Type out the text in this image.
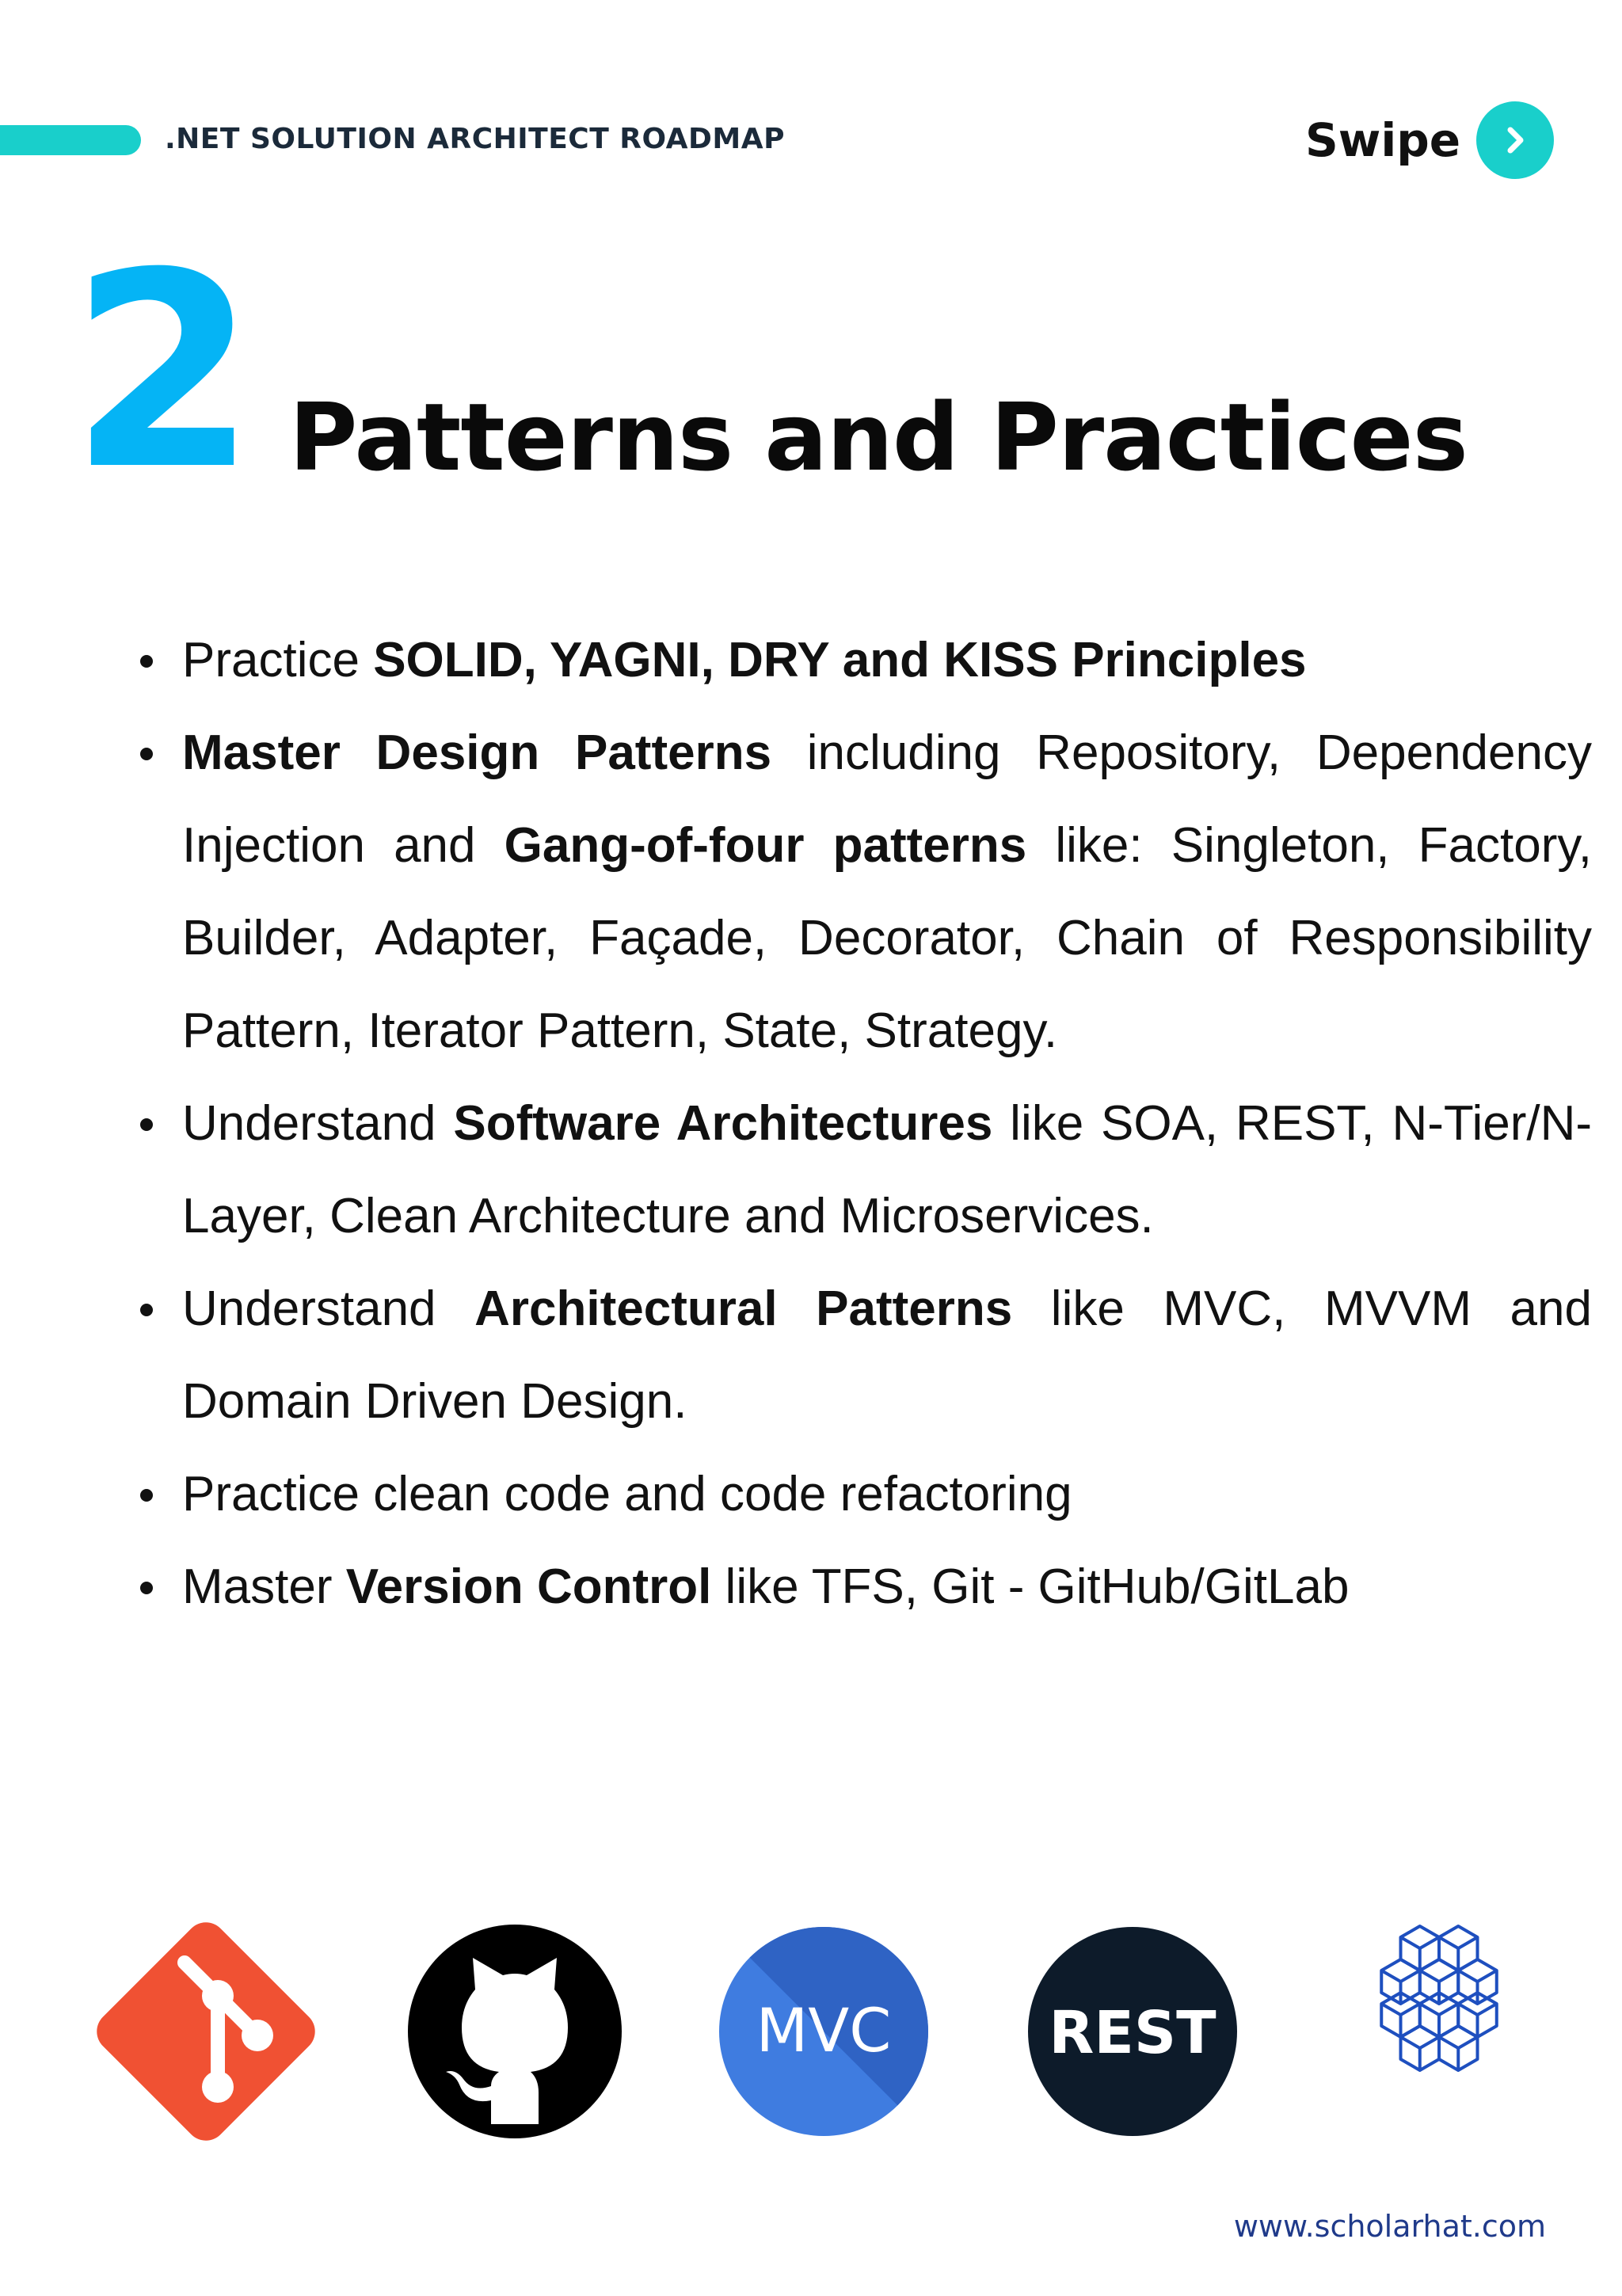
.NET SOLUTION ARCHITECT ROADMAP	Swipe
2 Patterns and Practices
Practice SOLID, YAGNI, DRY and KISS Principles
Master Design Patterns including Repository, Dependency Injection and Gang-of-four patterns like: Singleton, Factory, Builder, Adapter, Façade, Decorator, Chain of Responsibility Pattern, Iterator Pattern, State, Strategy.
Understand Software Architectures like SOA, REST, N-Tier/N-Layer, Clean Architecture and Microservices.
Understand Architectural Patterns like MVC, MVVM and Domain Driven Design.
Practice clean code and code refactoring
Master Version Control like TFS, Git - GitHub/GitLab
MVC	REST
www.scholarhat.com
